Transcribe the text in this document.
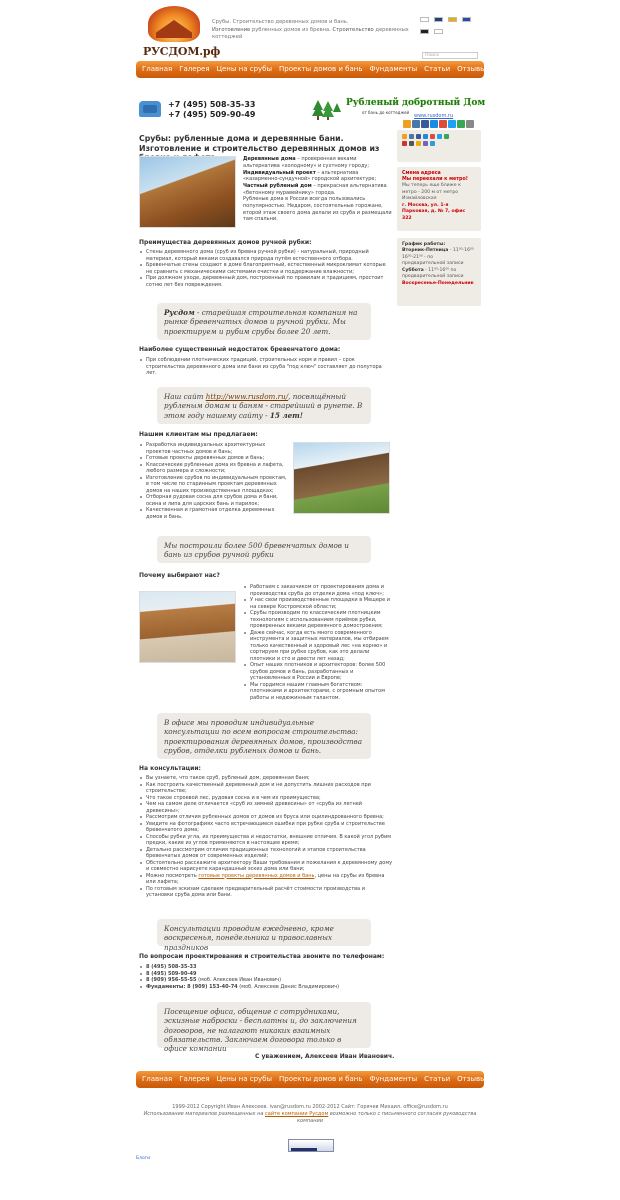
РУСДОМ.рф
Срубы. Строительство деревянных домов и бань.
Изготовление рубленных домов из бревна. Строительство деревянных коттеджей
Поиск
Главная Галерея Цены на срубы Проекты домов и бань Фундаменты Статьи Отзывы
+7 (495) 508-35-33
+7 (495) 509-90-49
Рубленый добротный Дом
от бань до коттеджей
www.rusdom.ru
Смена адреса
Мы переехали к метро!
Мы теперь еще ближе к метро - 200 м от метро Измайловская
г. Москва, ул. 1-я Парковая, д. № 7, офис 322
График работы:
Вторник-Пятница - 11⁰⁰-16⁰⁰
16⁰⁰-21⁰⁰ - по предварительной записи
Суббота - 11⁰⁰-16⁰⁰ по предварительной записи
Воскресенье-Понедельник
Срубы: рубленные дома и деревянные бани. Изготовление и строительство деревянных домов из
Деревянные дома – проверенная веками альтернатива «холодному» и сухтному городу;
Индивидуальный проект – альтернатива «казарменно-сундучной» городской архитектуре;
Частный рубленый дом – прекрасная альтернатива «бетонному муравейнику» города.
Рубленые дома в России всегда пользовались популярностью. Недаром, состоятельные горожане, второй этаж своего дома делали из сруба и размещали там спальни.
Преимущества деревянных домов ручной рубки:
Стены деревянного дома (сруб из бревна ручной рубки) - натуральный, природный материал, который веками создавался природа путём естественного отбора.
Бревенчатые стены создают в доме благоприятный, естественный микроклимат которые не сравнить с механическими системами очистки и поддержание влажности;
При должном уходе, деревянный дом, построенный по правилам и традициям, простоит сотню лет без повреждения.
Русдом - старейшая строительная компания на рынке бревенчатых домов и ручной рубки. Мы проектируем и рубим срубы более 20 лет.
Наиболее существенный недостаток бревенчатого дома:
При соблюдении плотнических традиций, строительных норм и правил – срок строительства деревянного дома или бани из сруба "под ключ" составляет до полутора лет.
Наш сайт http://www.rusdom.ru/, посвящённый рубленым домам и баням - старейший в рунете. В этом году нашему сайту - 15 лет!
Нашим клиентам мы предлагаем:
Разработка индивидуальных архитектурных проектов частных домов и бань;
Готовые проекты деревянных домов и бань;
Классические рубленные дома из бревна и лафета, любого размера и сложности;
Изготовление срубов по индивидуальным проектам, в том числе по старинным проектам деревянных домов на наших производственных площадках;
Отборная рудовая сосна для срубов дома и бани, осина и липа для царских бань и парилок;
Качественная и грамотная отделка деревянных домов и бань.
Мы построили более 500 бревенчатых домов и бань из срубов ручной рубки
Почему выбирают нас?
Работаем с заказчиком от проектирования дома и производства сруба до отделки дома «под ключ»;
У нас свои производственные площадки в Мещере и на севере Костромской области;
Срубы производим по классическим плотницким технологиям с использованием приёмов рубки, проверенных веками деревянного домостроения;
Даже сейчас, когда есть много современного инструмента и защитных материалов, мы отбираем только качественный и здоровый лес «на корню» и сортируем при рубке срубов, как это делали плотники и сто и двести лет назад;
Опыт наших плотников и архитекторов: более 500 срубов домов и бань, разработанных и установленных в России и Европе;
Мы гордимся нашим главным богатством: плотниками и архитекторами, с огромным опытом работы и недюжинным талантом.
В офисе мы проводим индивидуальные консультации по всем вопросам строительства: проектирования деревянных домов, производства срубов, отделки рубленых домов и бань.
На консультации:
Вы узнаете, что такое сруб, рубленый дом, деревянная баня;
Как построить качественный деревянный дом и не допустить лишних расходов при строительстве;
Что такое строевой лес, рудовая сосна и в чем их преимущества;
Чем на самом деле отличается «сруб из зимней древесины» от «сруба из летней древесины»;
Рассмотрим отличия рубленных домов от домов из бруса или оцилиндрованного бревна;
Увидите на фотографиях часто встречающиеся ошибки при рубке сруба и строительстве бревенчатого дома;
Способы рубки угла, их преимущества и недостатки, внешние отличия. В какой угол рубим предки, какие из углов применяются в настоящее время;
Детально рассмотрим отличия традиционных технологий и этапов строительства бревенчатых домов от современных изделий;
Обстоятельно расскажите архитектору Ваши требования и пожелания к деревянному дому и совместно нарисуете карандашный эскиз дома или бани;
Можно посмотреть готовые проекты деревянных домов и бань, цены на срубы из бревна или лафета;
По готовым эскизам сделаем предварительный расчёт стоимости производства и установки сруба дома или бани.
Консультации проводим ежедневно, кроме воскресенья, понедельника и православных праздников
По вопросам проектирования и строительства звоните по телефонам:
8 (495) 508-35-33
8 (495) 509-90-49
8 (909) 956-55-55 (моб. Алексеев Иван Иванович)
Фундаменты: 8 (909) 153-40-74 (моб. Алексеев Денис Владимирович)
Посещение офиса, общение с сотрудниками, эскизные наброски - бесплатны и, до заключения договоров, не налагают никаких взаимных обязательств. Заключаем договора только в офисе компании
С уважением, Алексеев Иван Иванович.
Главная Галерея Цены на срубы Проекты домов и бань Фундаменты Статьи Отзывы Кон
1999-2012 Copyright Иван Алексеев. ivan@rusdom.ru 2002-2012 Сайт: Горячев Михаил. office@rusdom.ru
Использование материалов размещенных на сайте компании Русдом возможно только с письменного согласия руководства компании
Блоги
